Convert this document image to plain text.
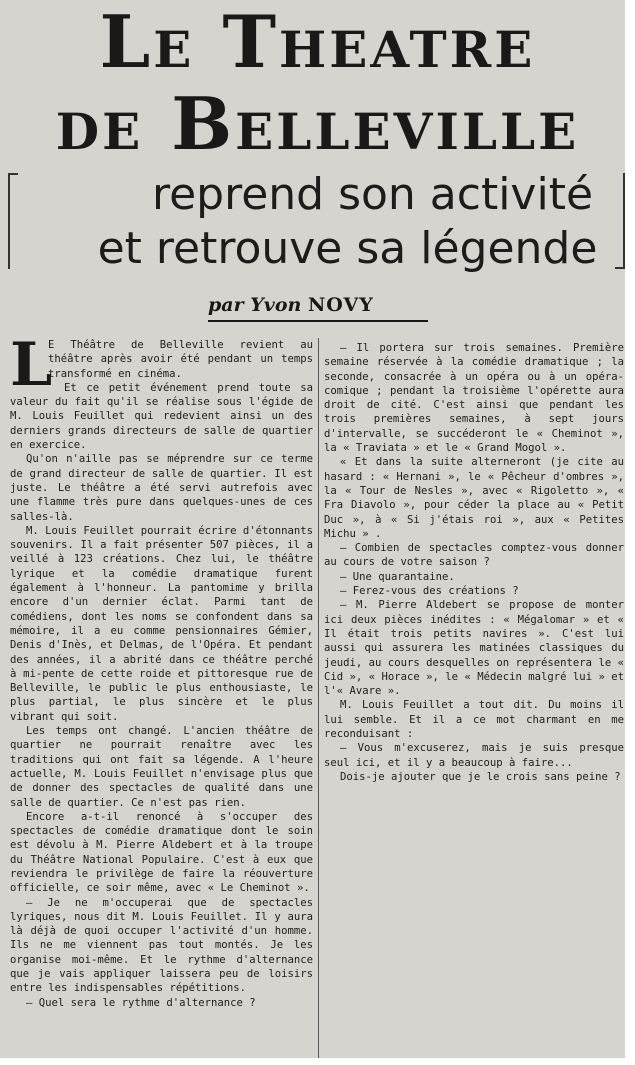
Le Theatre
de Belleville
reprend son activité
et retrouve sa légende
par Yvon NOVY
L

E Théâtre de Belleville revient au théâtre après avoir été pendant un temps transformé en cinéma.

Et ce petit événement prend toute sa valeur du fait qu'il se réalise sous l'égide de M. Louis Feuillet qui redevient ainsi un des derniers grands directeurs de salle de quartier en exercice.

Qu'on n'aille pas se méprendre sur ce terme de grand directeur de salle de quartier. Il est juste. Le théâtre a été servi autrefois avec une flamme très pure dans quelques-unes de ces salles-là.

M. Louis Feuillet pourrait écrire d'étonnants souvenirs. Il a fait présenter 507 pièces, il a veillé à 123 créations. Chez lui, le théâtre lyrique et la comédie dramatique furent également à l'honneur. La pantomime y brilla encore d'un dernier éclat. Parmi tant de comédiens, dont les noms se confondent dans sa mémoire, il a eu comme pensionnaires Gémier, Denis d'Inès, et Delmas, de l'Opéra. Et pendant des années, il a abrité dans ce théâtre perché à mi-pente de cette roide et pittoresque rue de Belleville, le public le plus enthousiaste, le plus partial, le plus sincère et le plus vibrant qui soit.

Les temps ont changé. L'ancien théâtre de quartier ne pourrait renaître avec les traditions qui ont fait sa légende. A l'heure actuelle, M. Louis Feuillet n'envisage plus que de donner des spectacles de qualité dans une salle de quartier. Ce n'est pas rien.

Encore a-t-il renoncé à s'occuper des spectacles de comédie dramatique dont le soin est dévolu à M. Pierre Aldebert et à la troupe du Théâtre National Populaire. C'est à eux que reviendra le privilège de faire la réouverture officielle, ce soir même, avec « Le Cheminot ».

— Je ne m'occuperai que de spectacles lyriques, nous dit M. Louis Feuillet. Il y aura là déjà de quoi occuper l'activité d'un homme. Ils ne me viennent pas tout montés. Je les organise moi-même. Et le rythme d'alternance que je vais appliquer laissera peu de loisirs entre les indispensables répétitions.

— Quel sera le rythme d'alternance ?

— Il portera sur trois semaines. Première semaine réservée à la comédie dramatique ; la seconde, consacrée à un opéra ou à un opéra-comique ; pendant la troisième l'opérette aura droit de cité. C'est ainsi que pendant les trois premières semaines, à sept jours d'intervalle, se succéderont le « Cheminot », la « Traviata » et le « Grand Mogol ».

« Et dans la suite alterneront (je cite au hasard : « Hernani », le « Pêcheur d'ombres », la « Tour de Nesles », avec « Rigoletto », « Fra Diavolo », pour céder la place au « Petit Duc », à « Si j'étais roi », aux « Petites Michu » .

— Combien de spectacles comptez-vous donner au cours de votre saison ?

— Une quarantaine.

— Ferez-vous des créations ?

— M. Pierre Aldebert se propose de monter ici deux pièces inédites : « Mégalomar » et « Il était trois petits navires ». C'est lui aussi qui assurera les matinées classiques du jeudi, au cours desquelles on représentera le « Cid », « Horace », le « Médecin malgré lui » et l'« Avare ».

M. Louis Feuillet a tout dit. Du moins il lui semble. Et il a ce mot charmant en me reconduisant :

— Vous m'excuserez, mais je suis presque seul ici, et il y a beaucoup à faire...

Dois-je ajouter que je le crois sans peine ?
